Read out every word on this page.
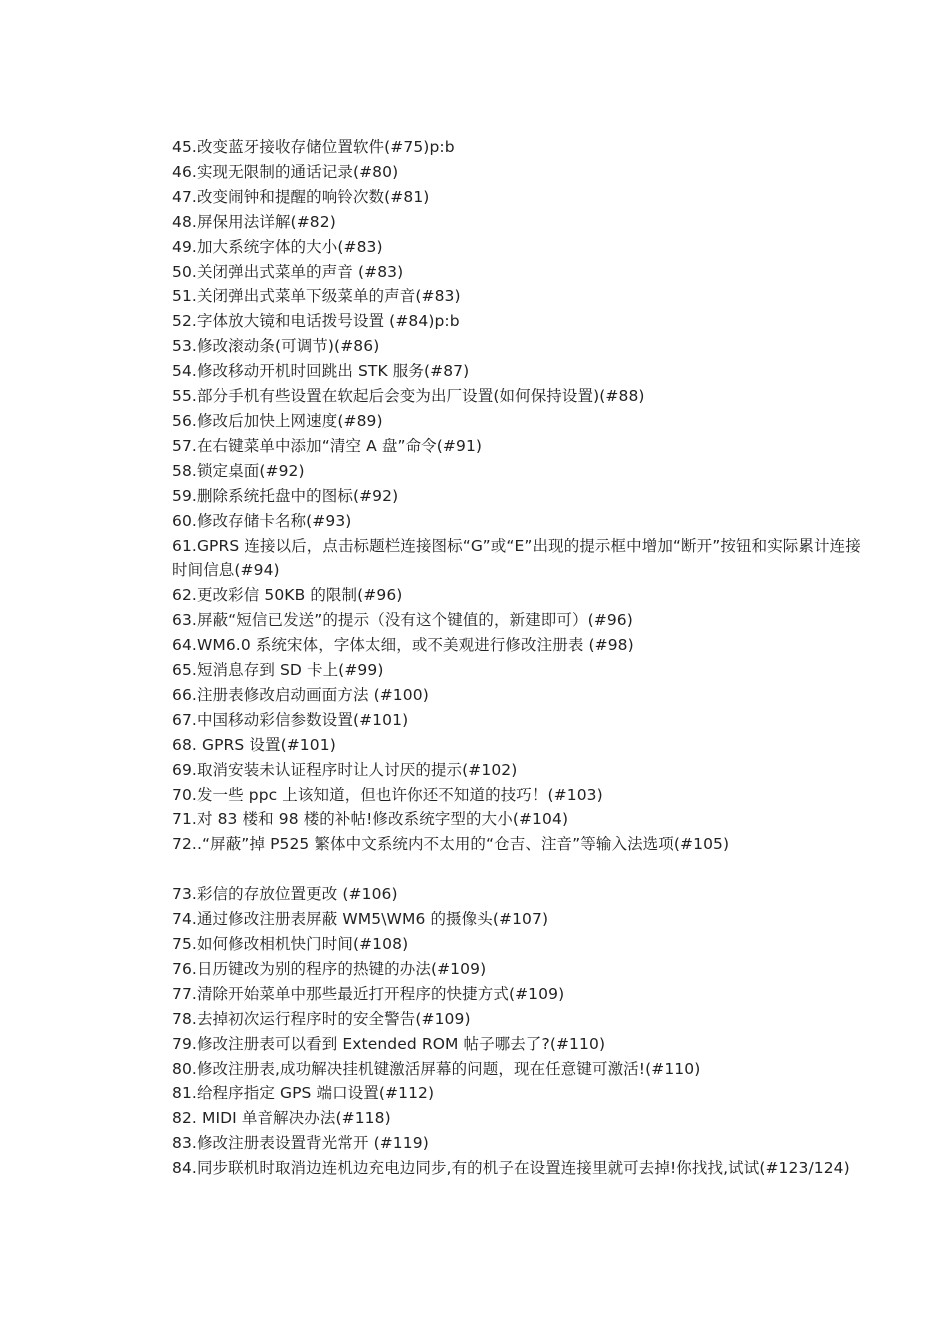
45.改变蓝牙接收存储位置软件(#75)p:b
46.实现无限制的通话记录(#80)
47.改变闹钟和提醒的响铃次数(#81)
48.屏保用法详解(#82)
49.加大系统字体的大小(#83)
50.关闭弹出式菜单的声音 (#83)
51.关闭弹出式菜单下级菜单的声音(#83)
52.字体放大镜和电话拨号设置 (#84)p:b
53.修改滚动条(可调节)(#86)
54.修改移动开机时回跳出 STK 服务(#87)
55.部分手机有些设置在软起后会变为出厂设置(如何保持设置)(#88)
56.修改后加快上网速度(#89)
57.在右键菜单中添加“清空 A 盘”命令(#91)
58.锁定桌面(#92)
59.删除系统托盘中的图标(#92)
60.修改存储卡名称(#93)
61.GPRS 连接以后，点击标题栏连接图标“G”或“E”出现的提示框中增加“断开”按钮和实际累计连接时间信息(#94)
62.更改彩信 50KB 的限制(#96)
63.屏蔽“短信已发送”的提示（没有这个键值的，新建即可）(#96)
64.WM6.0 系统宋体，字体太细，或不美观进行修改注册表 (#98)
65.短消息存到 SD 卡上(#99)
66.注册表修改启动画面方法 (#100)
67.中国移动彩信参数设置(#101)
68. GPRS 设置(#101)
69.取消安装未认证程序时让人讨厌的提示(#102)
70.发一些 ppc 上该知道，但也许你还不知道的技巧！(#103)
71.对 83 楼和 98 楼的补帖!修改系统字型的大小(#104)
72..“屏蔽”掉 P525 繁体中文系统内不太用的“仓吉、注音”等输入法选项(#105)
73.彩信的存放位置更改 (#106)
74.通过修改注册表屏蔽 WM5\WM6 的摄像头(#107)
75.如何修改相机快门时间(#108)
76.日历键改为别的程序的热键的办法(#109)
77.清除开始菜单中那些最近打开程序的快捷方式(#109)
78.去掉初次运行程序时的安全警告(#109)
79.修改注册表可以看到 Extended ROM 帖子哪去了?(#110)
80.修改注册表,成功解决挂机键激活屏幕的问题，现在任意键可激活!(#110)
81.给程序指定 GPS 端口设置(#112)
82. MIDI 单音解决办法(#118)
83.修改注册表设置背光常开 (#119)
84.同步联机时取消边连机边充电边同步,有的机子在设置连接里就可去掉!你找找,试试(#123/124)
